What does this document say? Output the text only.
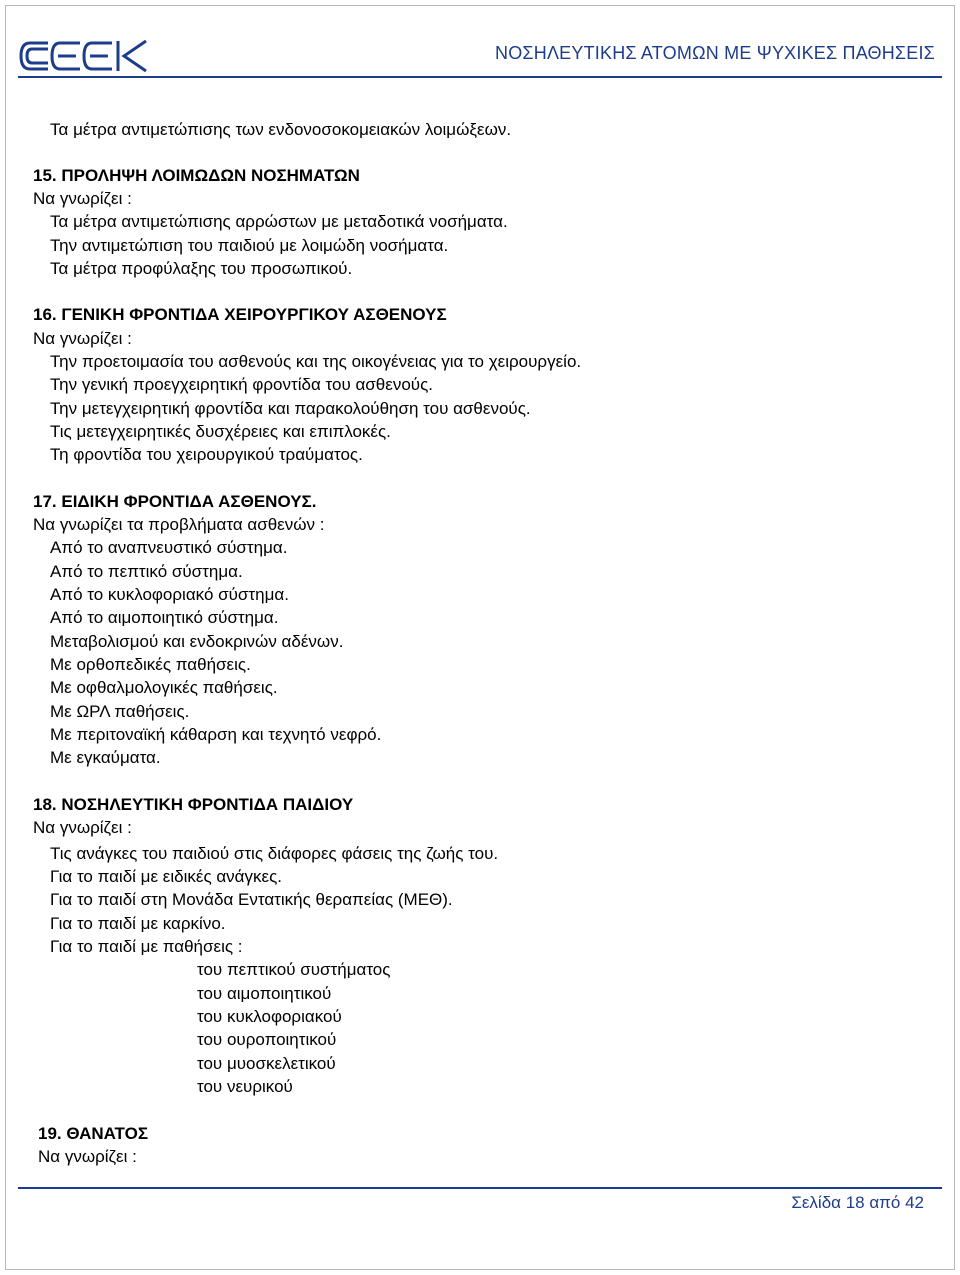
CEEK
ΝΟΣΗΛΕΥΤΙΚΗΣ ΑΤΟΜΩΝ ΜΕ ΨΥΧΙΚΕΣ ΠΑΘΗΣΕΙΣ
Τα μέτρα αντιμετώπισης των ενδονοσοκομειακών λοιμώξεων.
15. ΠΡΟΛΗΨΗ ΛΟΙΜΩΔΩΝ ΝΟΣΗΜΑΤΩΝ
Να γνωρίζει :
Τα μέτρα αντιμετώπισης αρρώστων με μεταδοτικά νοσήματα.
Την αντιμετώπιση του παιδιού με λοιμώδη νοσήματα.
Τα μέτρα προφύλαξης του προσωπικού.
16. ΓΕΝΙΚΗ ΦΡΟΝΤΙΔΑ ΧΕΙΡΟΥΡΓΙΚΟΥ ΑΣΘΕΝΟΥΣ
Να γνωρίζει :
Την προετοιμασία του ασθενούς και της οικογένειας για το χειρουργείο.
Την γενική προεγχειρητική φροντίδα του ασθενούς.
Την μετεγχειρητική φροντίδα και παρακολούθηση του ασθενούς.
Τις μετεγχειρητικές δυσχέρειες και επιπλοκές.
Τη φροντίδα του χειρουργικού τραύματος.
17. ΕΙΔΙΚΗ ΦΡΟΝΤΙΔΑ ΑΣΘΕΝΟΥΣ.
Να γνωρίζει τα προβλήματα ασθενών :
Από το αναπνευστικό σύστημα.
Από το πεπτικό σύστημα.
Από το κυκλοφοριακό σύστημα.
Από το αιμοποιητικό σύστημα.
Μεταβολισμού και ενδοκρινών αδένων.
Με ορθοπεδικές παθήσεις.
Με οφθαλμολογικές παθήσεις.
Με ΩΡΛ παθήσεις.
Με περιτοναϊκή κάθαρση και τεχνητό νεφρό.
Με εγκαύματα.
18. ΝΟΣΗΛΕΥΤΙΚΗ ΦΡΟΝΤΙΔΑ ΠΑΙΔΙΟΥ
Να γνωρίζει :
Τις ανάγκες του παιδιού στις διάφορες φάσεις της ζωής του.
Για το παιδί με ειδικές ανάγκες.
Για το παιδί στη Μονάδα Εντατικής θεραπείας (ΜΕΘ).
Για το παιδί με καρκίνο.
Για το παιδί με παθήσεις :
του πεπτικού συστήματος
του αιμοποιητικού
του κυκλοφοριακού
του ουροποιητικού
του μυοσκελετικού
του νευρικού
19. ΘΑΝΑΤΟΣ
Να γνωρίζει :
Σελίδα 18 από 42
